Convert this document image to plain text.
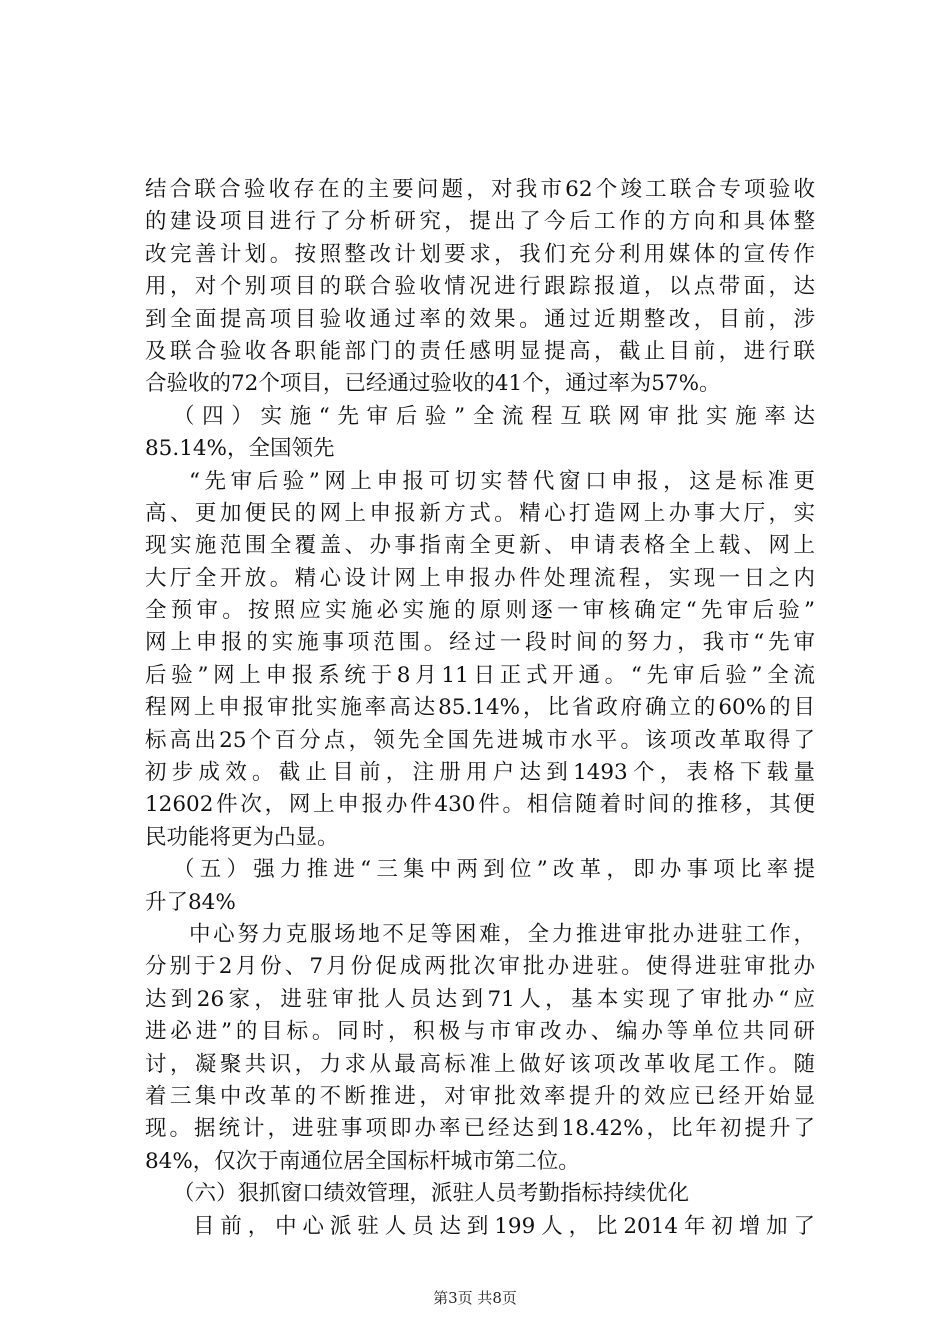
结合联合验收存在的主要问题，对我市62个竣工联合专项验收
的建设项目进行了分析研究，提出了今后工作的方向和具体整
改完善计划。按照整改计划要求，我们充分利用媒体的宣传作
用，对个别项目的联合验收情况进行跟踪报道，以点带面，达
到全面提高项目验收通过率的效果。通过近期整改，目前，涉
及联合验收各职能部门的责任感明显提高，截止目前，进行联
合验收的72个项目，已经通过验收的41个，通过率为57%。
（四）实施“先审后验”全流程互联网审批实施率达
85.14%，全国领先
“先审后验”网上申报可切实替代窗口申报，这是标准更
高、更加便民的网上申报新方式。精心打造网上办事大厅，实
现实施范围全覆盖、办事指南全更新、申请表格全上载、网上
大厅全开放。精心设计网上申报办件处理流程，实现一日之内
全预审。按照应实施必实施的原则逐一审核确定“先审后验”
网上申报的实施事项范围。经过一段时间的努力，我市“先审
后验”网上申报系统于8月11日正式开通。“先审后验”全流
程网上申报审批实施率高达85.14%，比省政府确立的60%的目
标高出25个百分点，领先全国先进城市水平。该项改革取得了
初步成效。截止目前，注册用户达到1493个，表格下载量
12602件次，网上申报办件430件。相信随着时间的推移，其便
民功能将更为凸显。
（五）强力推进“三集中两到位”改革，即办事项比率提
升了84%
中心努力克服场地不足等困难，全力推进审批办进驻工作，
分别于2月份、7月份促成两批次审批办进驻。使得进驻审批办
达到26家，进驻审批人员达到71人，基本实现了审批办“应
进必进”的目标。同时，积极与市审改办、编办等单位共同研
讨，凝聚共识，力求从最高标准上做好该项改革收尾工作。随
着三集中改革的不断推进，对审批效率提升的效应已经开始显
现。据统计，进驻事项即办率已经达到18.42%，比年初提升了
84%，仅次于南通位居全国标杆城市第二位。
（六）狠抓窗口绩效管理，派驻人员考勤指标持续优化
目前，中心派驻人员达到199人，比2014年初增加了
第3页 共8页
